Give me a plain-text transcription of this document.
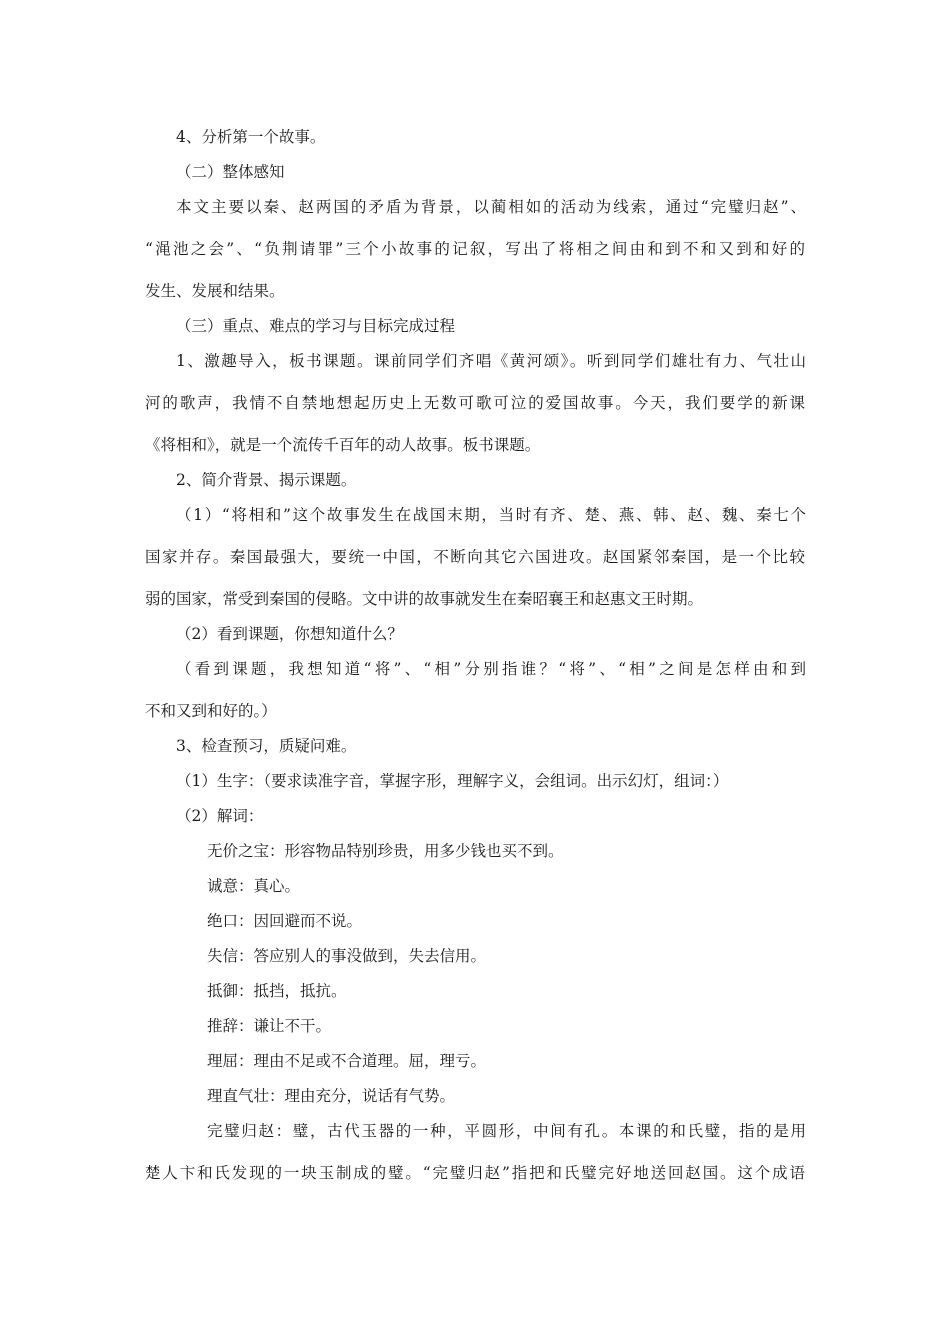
4、分析第一个故事。

（二）整体感知

本文主要以秦、赵两国的矛盾为背景，以蔺相如的活动为线索，通过“完璧归赵”、

“渑池之会”、“负荆请罪”三个小故事的记叙，写出了将相之间由和到不和又到和好的

发生、发展和结果。

（三）重点、难点的学习与目标完成过程

1、激趣导入，板书课题。课前同学们齐唱《黄河颂》。听到同学们雄壮有力、气壮山

河的歌声，我情不自禁地想起历史上无数可歌可泣的爱国故事。今天，我们要学的新课

《将相和》，就是一个流传千百年的动人故事。板书课题。

2、简介背景、揭示课题。

（1）“将相和”这个故事发生在战国末期，当时有齐、楚、燕、韩、赵、魏、秦七个

国家并存。秦国最强大，要统一中国，不断向其它六国进攻。赵国紧邻秦国，是一个比较

弱的国家，常受到秦国的侵略。文中讲的故事就发生在秦昭襄王和赵惠文王时期。

（2）看到课题，你想知道什么？

（看到课题，我想知道“将”、“相”分别指谁？“将”、“相”之间是怎样由和到

不和又到和好的。）

3、检查预习，质疑问难。

（1）生字：（要求读准字音，掌握字形，理解字义，会组词。出示幻灯，组词：）

（2）解词：

无价之宝：形容物品特别珍贵，用多少钱也买不到。

诚意：真心。

绝口：因回避而不说。

失信：答应别人的事没做到，失去信用。

抵御：抵挡，抵抗。

推辞：谦让不干。

理屈：理由不足或不合道理。屈，理亏。

理直气壮：理由充分，说话有气势。

完璧归赵：璧，古代玉器的一种，平圆形，中间有孔。本课的和氏璧，指的是用

楚人卞和氏发现的一块玉制成的璧。“完璧归赵”指把和氏璧完好地送回赵国。这个成语
